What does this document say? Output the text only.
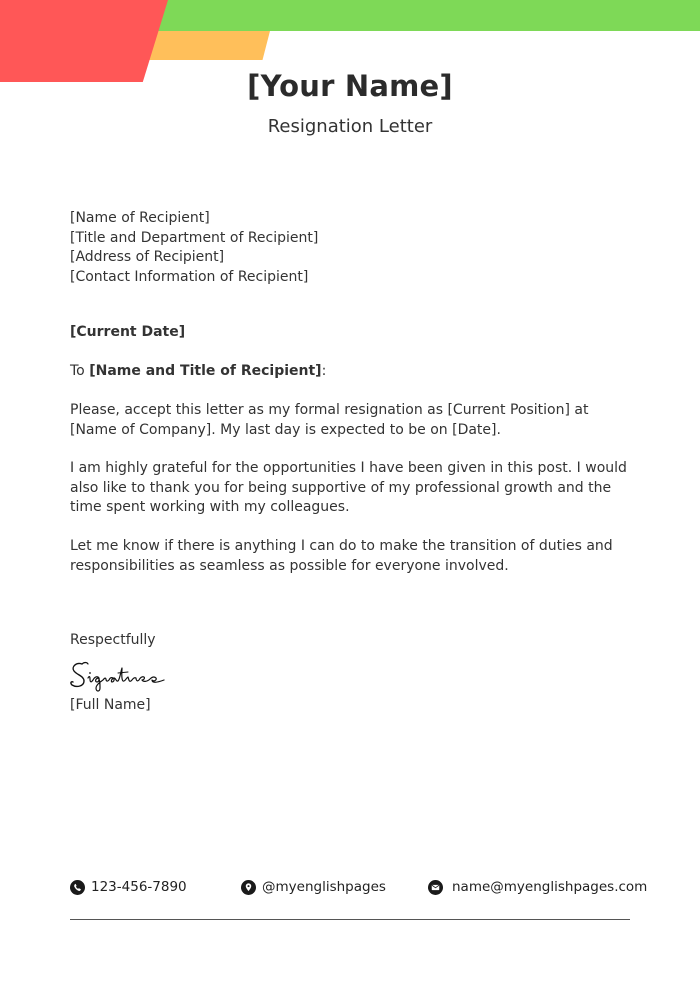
[Your Name]

Resignation Letter

[Name of Recipient]
[Title and Department of Recipient]
[Address of Recipient]
[Contact Information of Recipient]

[Current Date]

To [Name and Title of Recipient]:

Please, accept this letter as my formal resignation as [Current Position] at [Name of Company]. My last day is expected to be on [Date].

I am highly grateful for the opportunities I have been given in this post. I would also like to thank you for being supportive of my professional growth and the time spent working with my colleagues.

Let me know if there is anything I can do to make the transition of duties and responsibilities as seamless as possible for everyone involved.

Respectfully

[Full Name]

123-456-7890	@myenglishpages	name@myenglishpages.com
